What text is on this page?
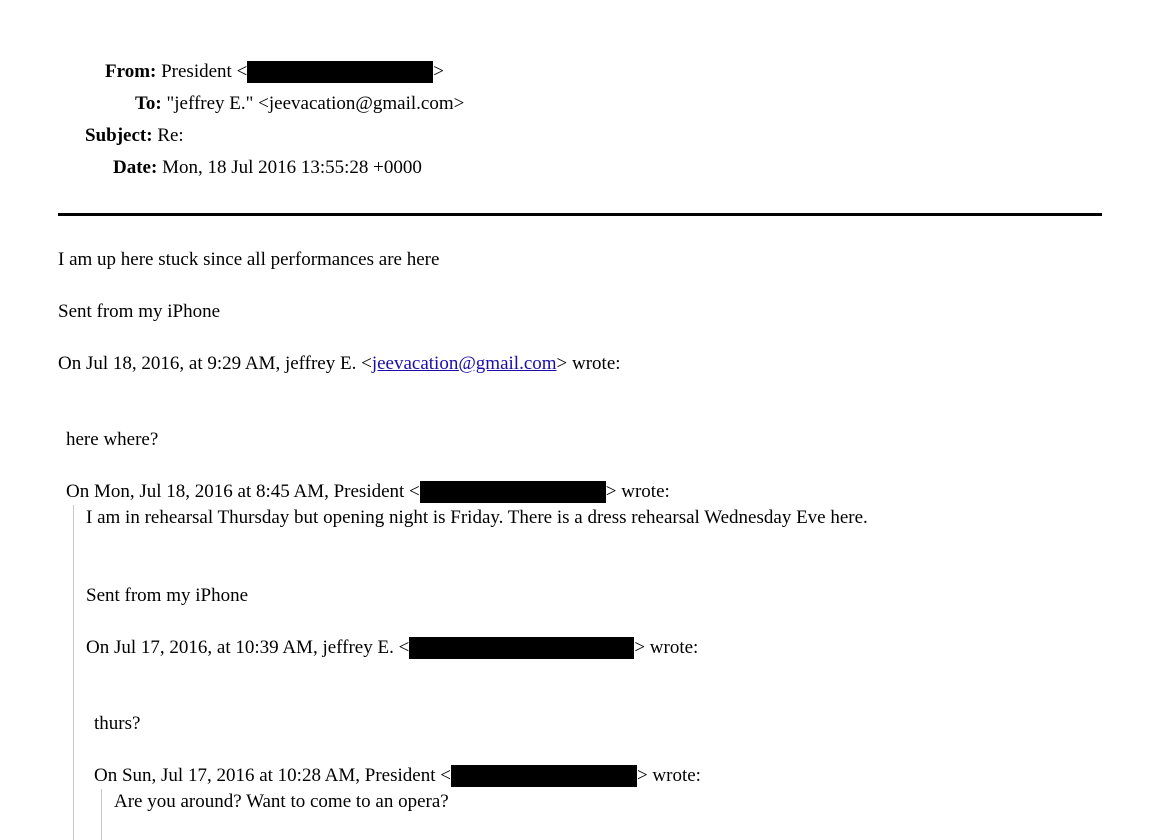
From: President <	>
To: "jeffrey E." <jeevacation@gmail.com>
Subject: Re:
Date: Mon, 18 Jul 2016 13:55:28 +0000
I am up here stuck since all performances are here
Sent from my iPhone
On Jul 18, 2016, at 9:29 AM, jeffrey E. <jeevacation@gmail.com> wrote:
here where?
On Mon, Jul 18, 2016 at 8:45 AM, President <	> wrote:
I am in rehearsal Thursday but opening night is Friday. There is a dress rehearsal Wednesday Eve here.
Sent from my iPhone
On Jul 17, 2016, at 10:39 AM, jeffrey E. <	> wrote:
thurs?
On Sun, Jul 17, 2016 at 10:28 AM, President <	> wrote:
Are you around? Want to come to an opera?
